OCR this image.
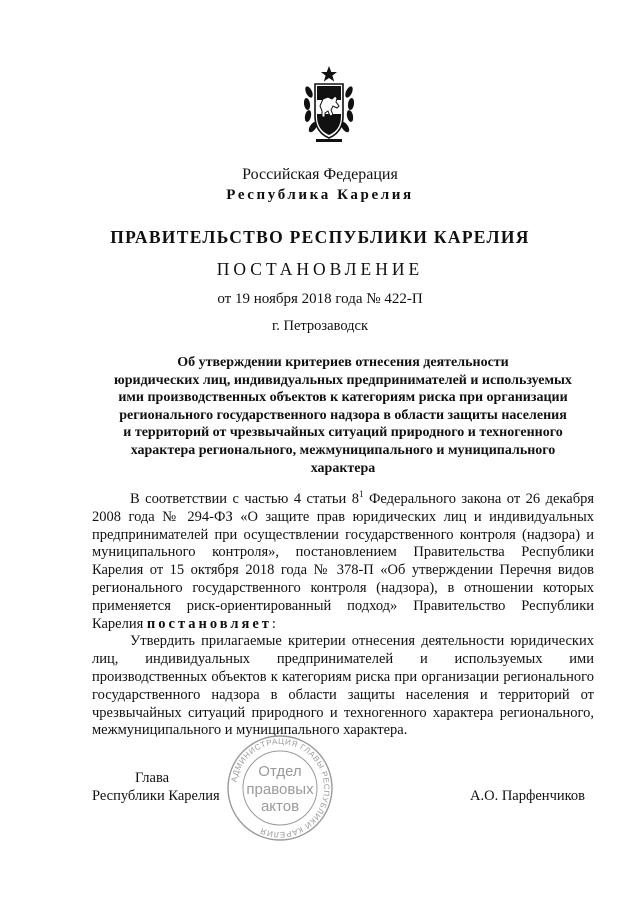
Российская Федерация
Республика Карелия
ПРАВИТЕЛЬСТВО РЕСПУБЛИКИ КАРЕЛИЯ
ПОСТАНОВЛЕНИЕ
от 19 ноября 2018 года № 422-П
г. Петрозаводск
Об утверждении критериев отнесения деятельности
юридических лиц, индивидуальных предпринимателей и используемых
ими производственных объектов к категориям риска при организации
регионального государственного надзора в области защиты населения
и территорий от чрезвычайных ситуаций природного и техногенного
характера регионального, межмуниципального и муниципального
характера

В соответствии с частью 4 статьи $8^1$ Федерального закона от 26 декабря 2008 года № 294-ФЗ «О защите прав юридических лиц и индивидуальных предпринимателей при осуществлении государственного контроля (надзора) и муниципального контроля», постановлением Правительства Республики Карелия от 15 октября 2018 года № 378-П «Об утверждении Перечня видов регионального государственного контроля (надзора), в отношении которых применяется риск-ориентированный подход» Правительство Республики Карелия постановляет:

Утвердить прилагаемые критерии отнесения деятельности юридических лиц, индивидуальных предпринимателей и используемых ими производственных объектов к категориям риска при организации регионального государственного надзора в области защиты населения и территорий от чрезвычайных ситуаций природного и техногенного характера регионального, межмуниципального и муниципального характера.

Глава
Республики Карелия	А.О. Парфенчиков
АДМИНИСТРАЦИЯ ГЛАВЫ РЕСПУБЛИКИ КАРЕЛИЯ
Отдел
правовых
актов
